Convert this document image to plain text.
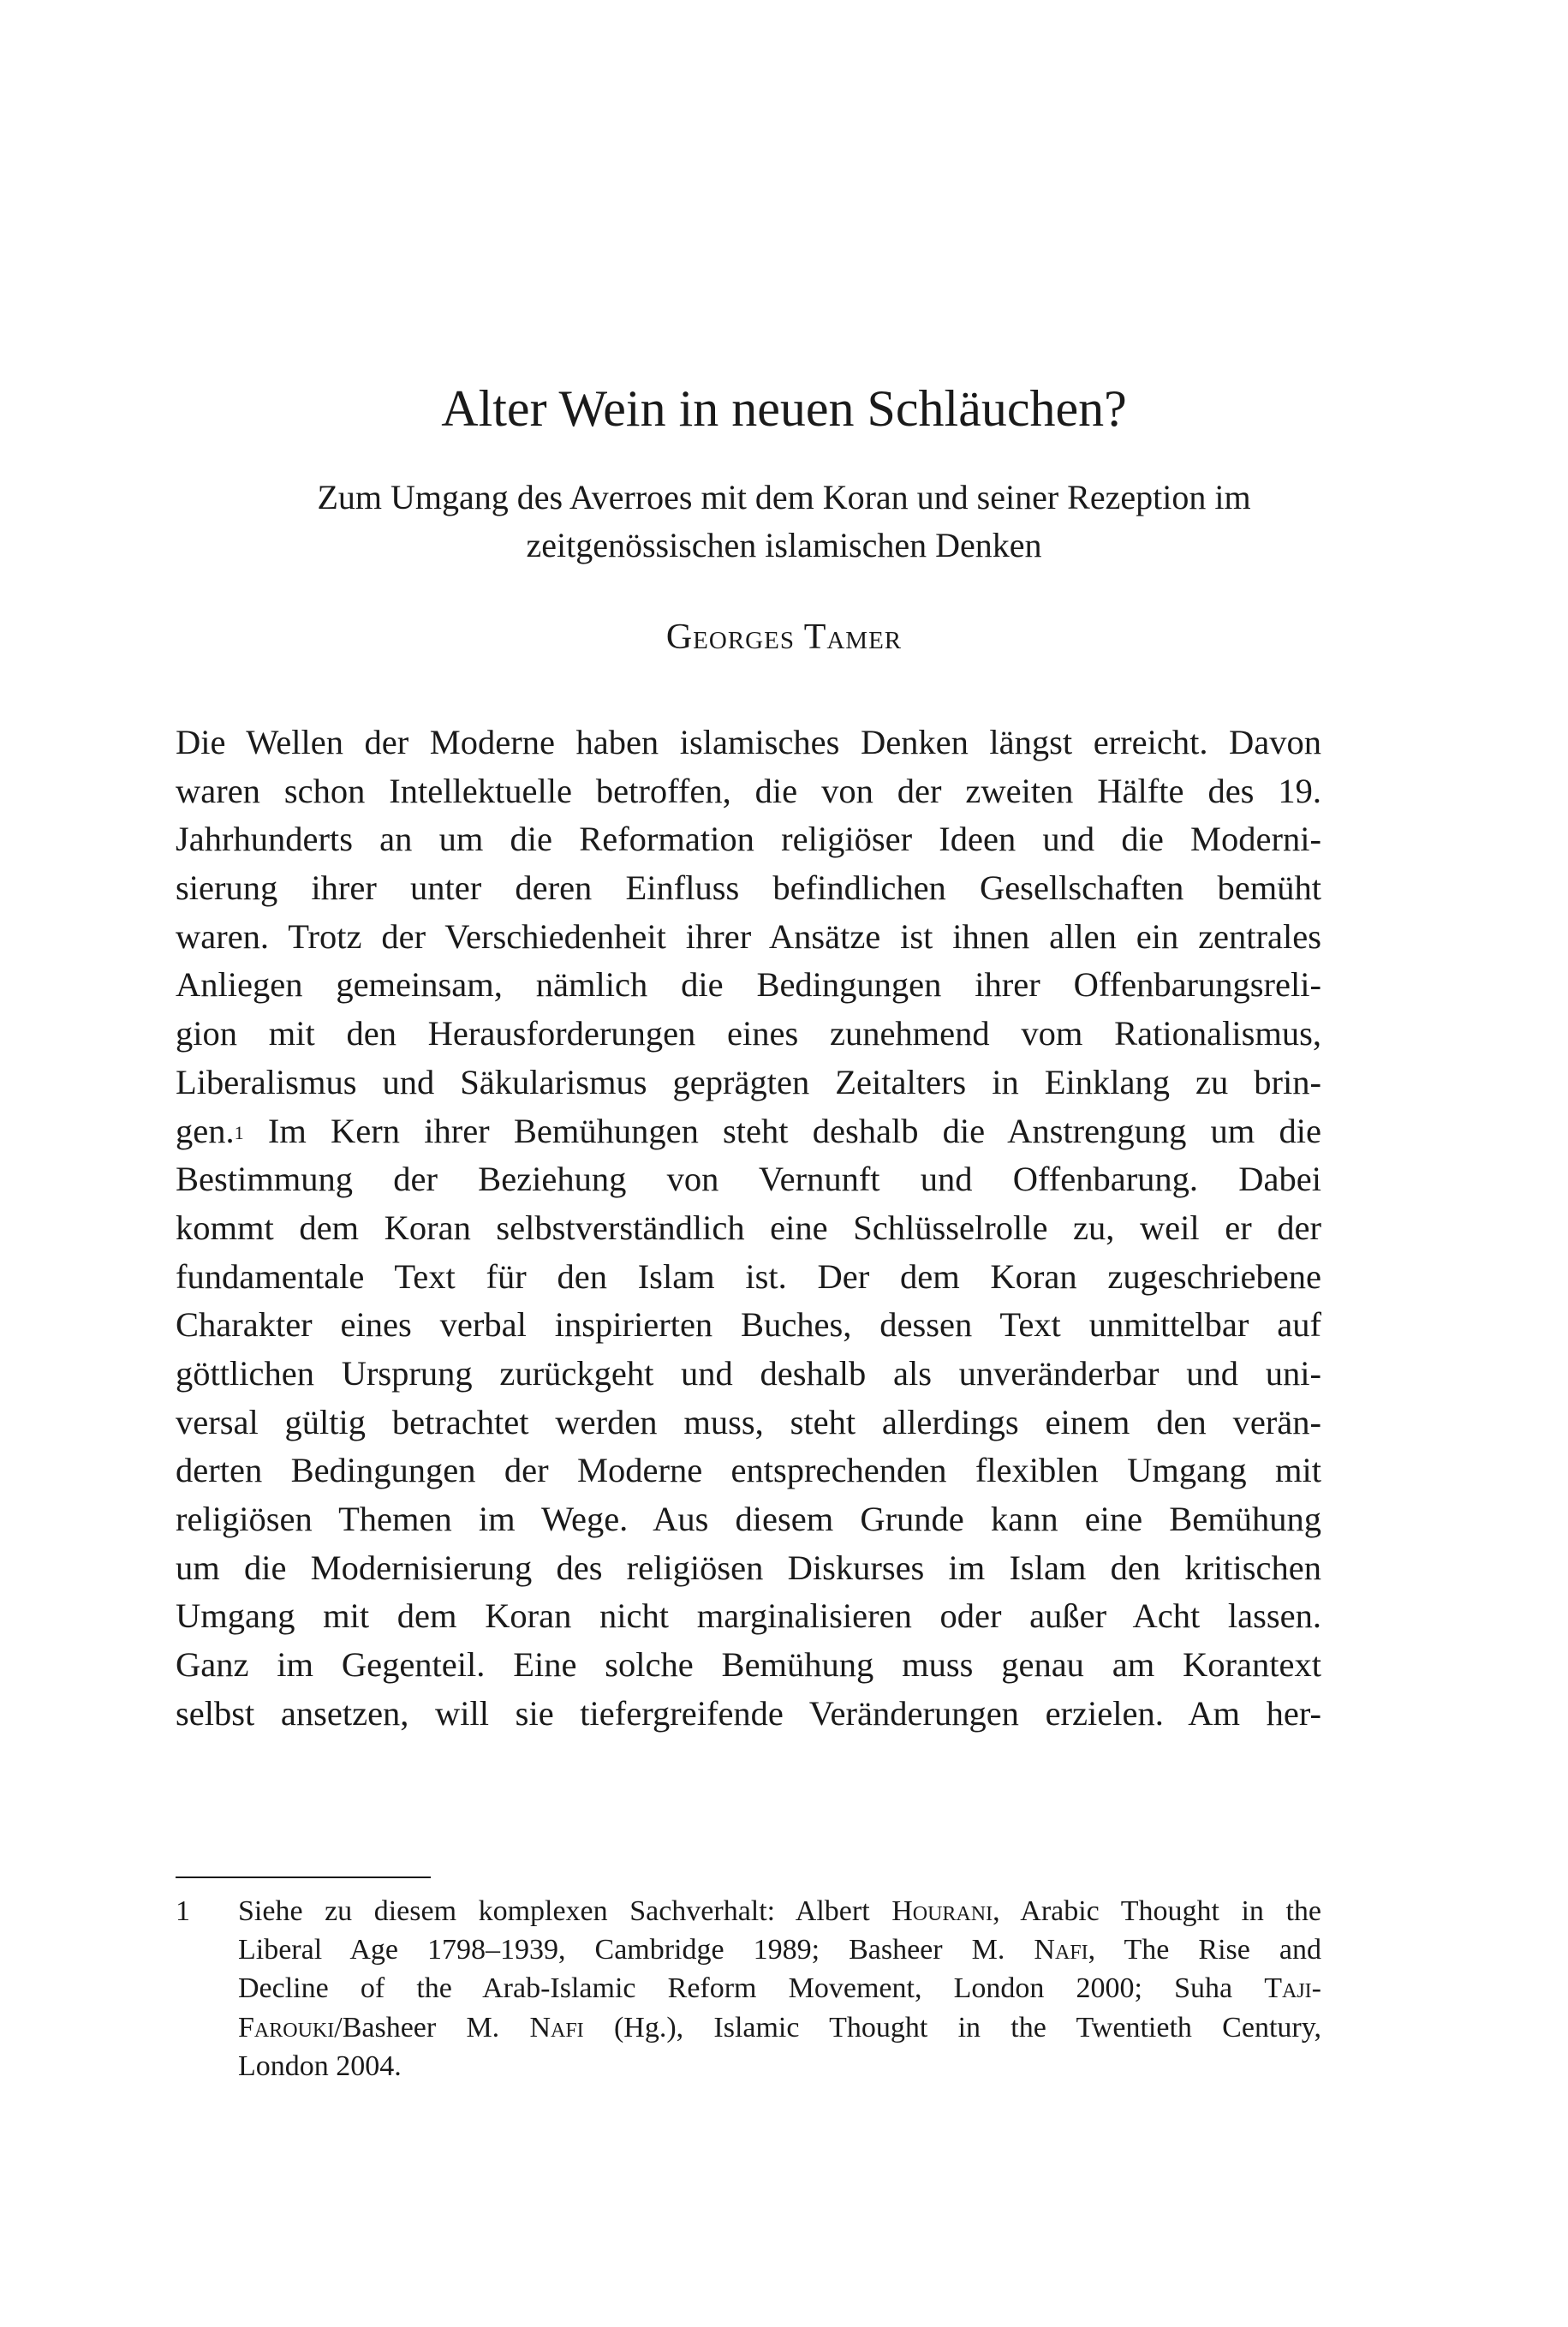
Alter Wein in neuen Schläuchen?
Zum Umgang des Averroes mit dem Koran und seiner Rezeption im
zeitgenössischen islamischen Denken
Georges Tamer
Die Wellen der Moderne haben islamisches Denken längst erreicht. Davon
waren schon Intellektuelle betroffen, die von der zweiten Hälfte des 19.
Jahrhunderts an um die Reformation religiöser Ideen und die Moderni-
sierung ihrer unter deren Einfluss befindlichen Gesellschaften bemüht
waren. Trotz der Verschiedenheit ihrer Ansätze ist ihnen allen ein zentrales
Anliegen gemeinsam, nämlich die Bedingungen ihrer Offenbarungsreli-
gion mit den Herausforderungen eines zunehmend vom Rationalismus,
Liberalismus und Säkularismus geprägten Zeitalters in Einklang zu brin-
gen.$^1$ Im Kern ihrer Bemühungen steht deshalb die Anstrengung um die
Bestimmung der Beziehung von Vernunft und Offenbarung. Dabei
kommt dem Koran selbstverständlich eine Schlüsselrolle zu, weil er der
fundamentale Text für den Islam ist. Der dem Koran zugeschriebene
Charakter eines verbal inspirierten Buches, dessen Text unmittelbar auf
göttlichen Ursprung zurückgeht und deshalb als unveränderbar und uni-
versal gültig betrachtet werden muss, steht allerdings einem den verän-
derten Bedingungen der Moderne entsprechenden flexiblen Umgang mit
religiösen Themen im Wege. Aus diesem Grunde kann eine Bemühung
um die Modernisierung des religiösen Diskurses im Islam den kritischen
Umgang mit dem Koran nicht marginalisieren oder außer Acht lassen.
Ganz im Gegenteil. Eine solche Bemühung muss genau am Korantext
selbst ansetzen, will sie tiefergreifende Veränderungen erzielen. Am her-
1 Siehe zu diesem komplexen Sachverhalt: Albert Hourani, Arabic Thought in the
Liberal Age 1798–1939, Cambridge 1989; Basheer M. Nafi, The Rise and
Decline of the Arab-Islamic Reform Movement, London 2000; Suha Taji-
Farouki/Basheer M. Nafi (Hg.), Islamic Thought in the Twentieth Century,
London 2004.
